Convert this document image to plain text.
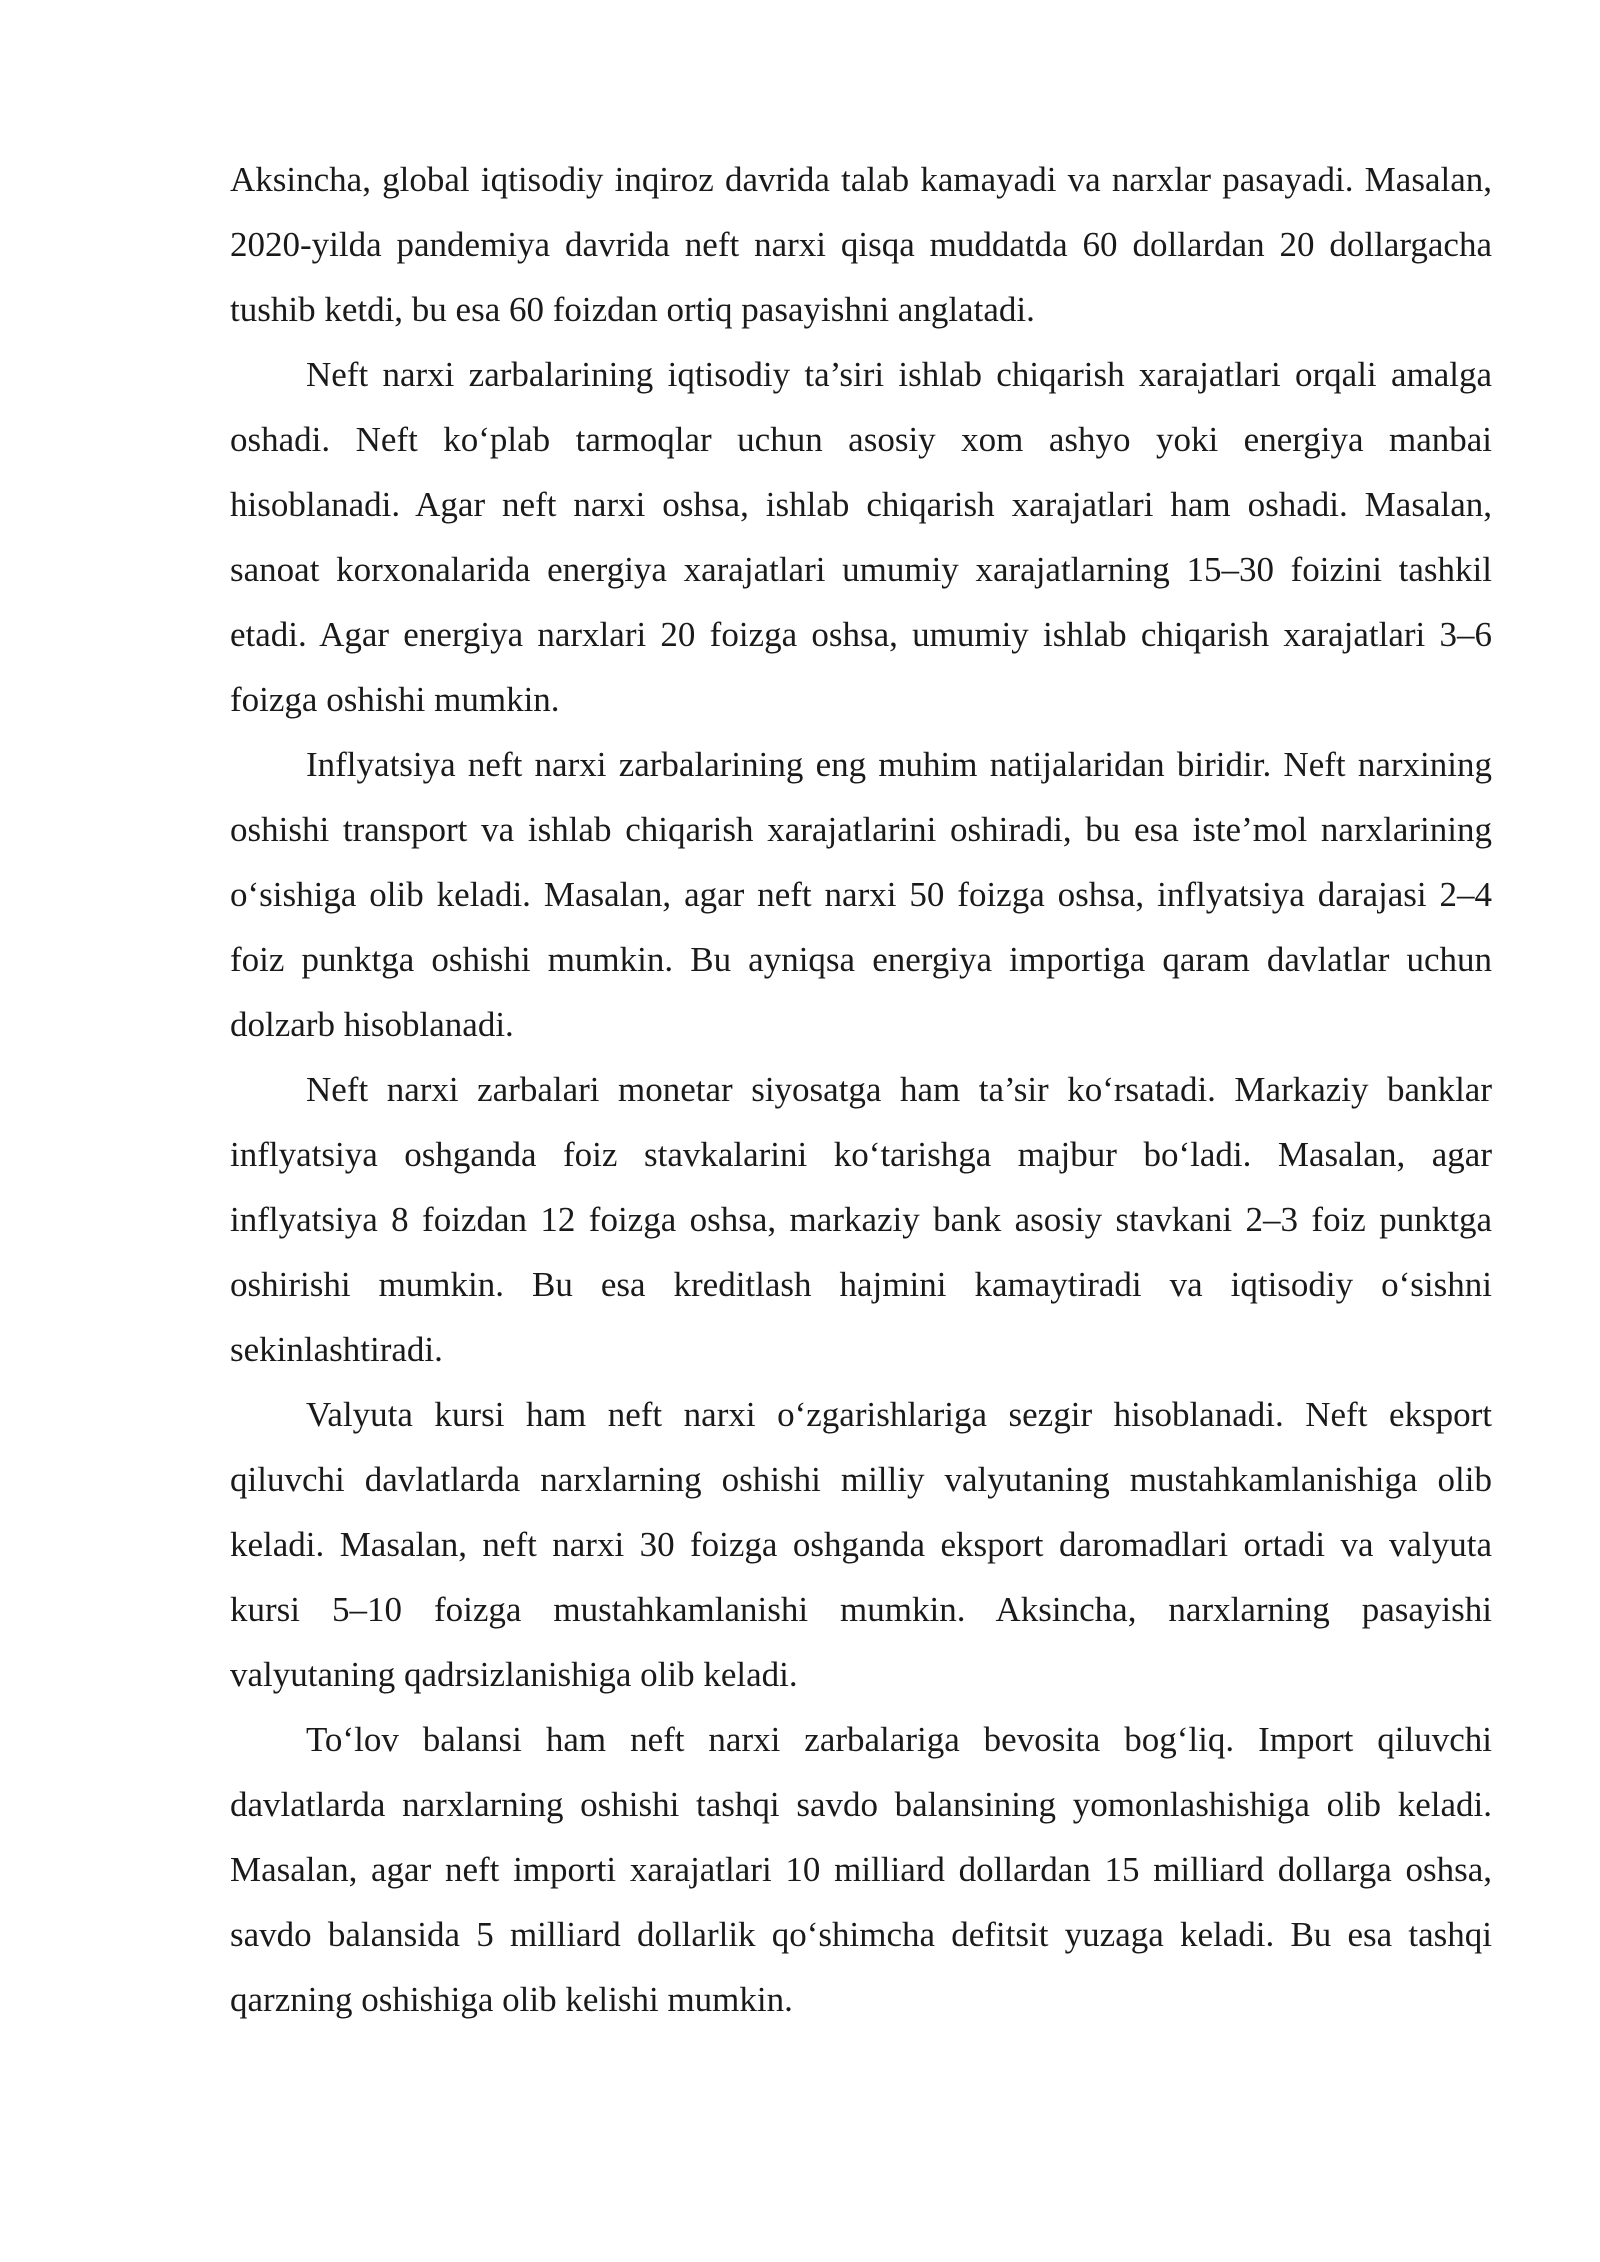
Aksincha, global iqtisodiy inqiroz davrida talab kamayadi va narxlar pasayadi. Masalan, 2020-yilda pandemiya davrida neft narxi qisqa muddatda 60 dollardan 20 dollargacha tushib ketdi, bu esa 60 foizdan ortiq pasayishni anglatadi.

Neft narxi zarbalarining iqtisodiy ta’siri ishlab chiqarish xarajatlari orqali amalga oshadi. Neft ko‘plab tarmoqlar uchun asosiy xom ashyo yoki energiya manbai hisoblanadi. Agar neft narxi oshsa, ishlab chiqarish xarajatlari ham oshadi. Masalan, sanoat korxonalarida energiya xarajatlari umumiy xarajatlarning 15–30 foizini tashkil etadi. Agar energiya narxlari 20 foizga oshsa, umumiy ishlab chiqarish xarajatlari 3–6 foizga oshishi mumkin.

Inflyatsiya neft narxi zarbalarining eng muhim natijalaridan biridir. Neft narxining oshishi transport va ishlab chiqarish xarajatlarini oshiradi, bu esa iste’mol narxlarining o‘sishiga olib keladi. Masalan, agar neft narxi 50 foizga oshsa, inflyatsiya darajasi 2–4 foiz punktga oshishi mumkin. Bu ayniqsa energiya importiga qaram davlatlar uchun dolzarb hisoblanadi.

Neft narxi zarbalari monetar siyosatga ham ta’sir ko‘rsatadi. Markaziy banklar inflyatsiya oshganda foiz stavkalarini ko‘tarishga majbur bo‘ladi. Masalan, agar inflyatsiya 8 foizdan 12 foizga oshsa, markaziy bank asosiy stavkani 2–3 foiz punktga oshirishi mumkin. Bu esa kreditlash hajmini kamaytiradi va iqtisodiy o‘sishni sekinlashtiradi.

Valyuta kursi ham neft narxi o‘zgarishlariga sezgir hisoblanadi. Neft eksport qiluvchi davlatlarda narxlarning oshishi milliy valyutaning mustahkamlanishiga olib keladi. Masalan, neft narxi 30 foizga oshganda eksport daromadlari ortadi va valyuta kursi 5–10 foizga mustahkamlanishi mumkin. Aksincha, narxlarning pasayishi valyutaning qadrsizlanishiga olib keladi.

To‘lov balansi ham neft narxi zarbalariga bevosita bog‘liq. Import qiluvchi davlatlarda narxlarning oshishi tashqi savdo balansining yomonlashishiga olib keladi. Masalan, agar neft importi xarajatlari 10 milliard dollardan 15 milliard dollarga oshsa, savdo balansida 5 milliard dollarlik qo‘shimcha defitsit yuzaga keladi. Bu esa tashqi qarzning oshishiga olib kelishi mumkin.
